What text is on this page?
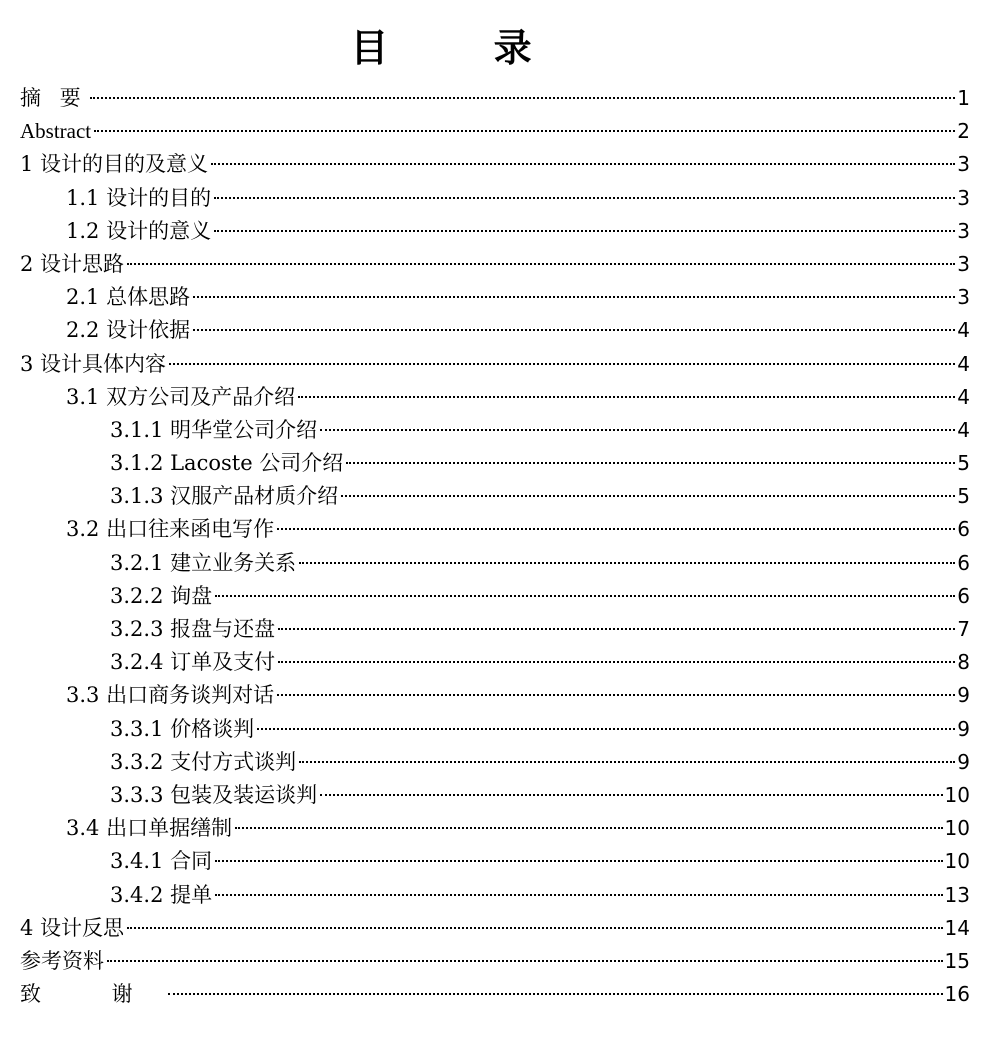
目 录
摘 要	1
Abstract	2
1 设计的目的及意义	3
1.1 设计的目的	3
1.2 设计的意义	3
2 设计思路	3
2.1 总体思路	3
2.2 设计依据	4
3 设计具体内容	4
3.1 双方公司及产品介绍	4
3.1.1 明华堂公司介绍	4
3.1.2 Lacoste 公司介绍	5
3.1.3 汉服产品材质介绍	5
3.2 出口往来函电写作	6
3.2.1 建立业务关系	6
3.2.2 询盘	6
3.2.3 报盘与还盘	7
3.2.4 订单及支付	8
3.3 出口商务谈判对话	9
3.3.1 价格谈判	9
3.3.2 支付方式谈判	9
3.3.3 包装及装运谈判	10
3.4 出口单据缮制	10
3.4.1 合同	10
3.4.2 提单	13
4 设计反思	14
参考资料	15
致 谢	16
